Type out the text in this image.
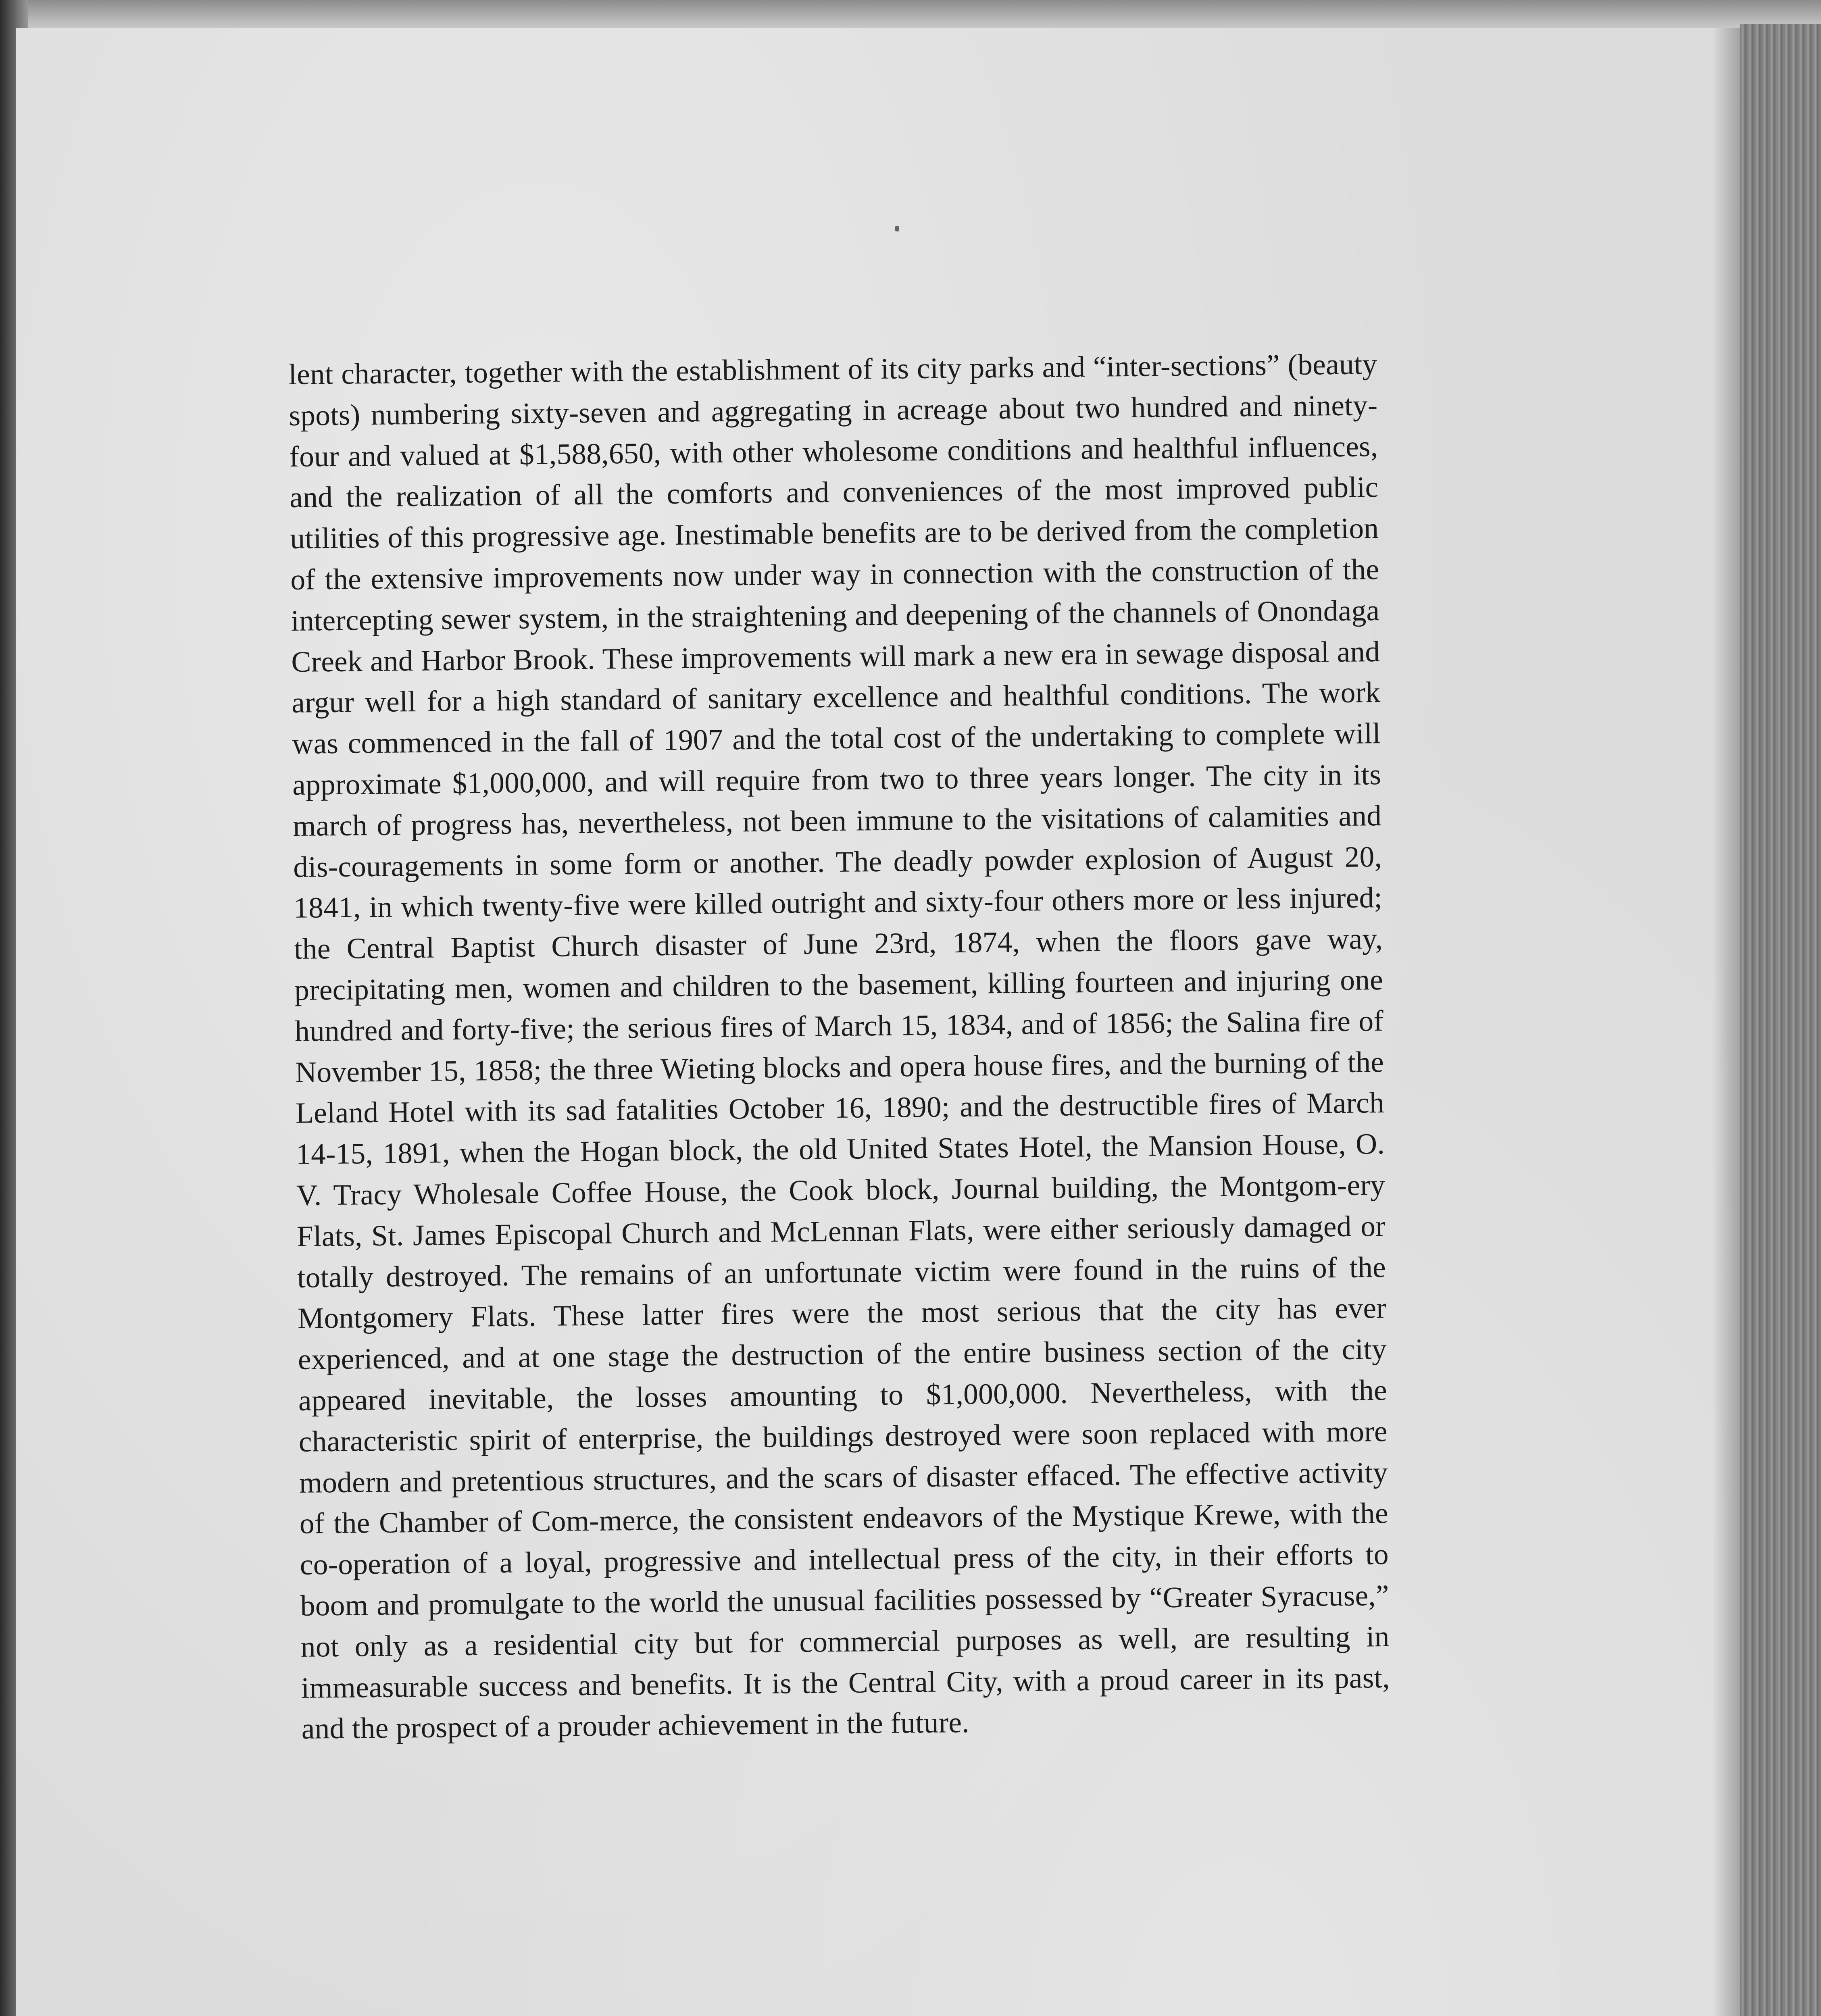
lent character, together with the establishment of its city parks and “inter-sections” (beauty spots) numbering sixty-seven and aggregating in acreage about two hundred and ninety-four and valued at $1,588,650, with other wholesome conditions and healthful influences, and the realization of all the comforts and conveniences of the most improved public utilities of this progressive age. Inestimable benefits are to be derived from the completion of the extensive improvements now under way in connection with the construction of the intercepting sewer system, in the straightening and deepening of the channels of Onondaga Creek and Harbor Brook. These improvements will mark a new era in sewage disposal and argur well for a high standard of sanitary excellence and healthful conditions. The work was commenced in the fall of 1907 and the total cost of the undertaking to complete will approximate $1,000,000, and will require from two to three years longer. The city in its march of progress has, nevertheless, not been immune to the visitations of calamities and dis-couragements in some form or another. The deadly powder explosion of August 20, 1841, in which twenty-five were killed outright and sixty-four others more or less injured; the Central Baptist Church disaster of June 23rd, 1874, when the floors gave way, precipitating men, women and children to the basement, killing fourteen and injuring one hundred and forty-five; the serious fires of March 15, 1834, and of 1856; the Salina fire of November 15, 1858; the three Wieting blocks and opera house fires, and the burning of the Leland Hotel with its sad fatalities October 16, 1890; and the destructible fires of March 14-15, 1891, when the Hogan block, the old United States Hotel, the Mansion House, O. V. Tracy Wholesale Coffee House, the Cook block, Journal building, the Montgom-ery Flats, St. James Episcopal Church and McLennan Flats, were either seriously damaged or totally destroyed. The remains of an unfortunate victim were found in the ruins of the Montgomery Flats. These latter fires were the most serious that the city has ever experienced, and at one stage the destruction of the entire business section of the city appeared inevitable, the losses amounting to $1,000,000. Nevertheless, with the characteristic spirit of enterprise, the buildings destroyed were soon replaced with more modern and pretentious structures, and the scars of disaster effaced. The effective activity of the Chamber of Com-merce, the consistent endeavors of the Mystique Krewe, with the co-operation of a loyal, progressive and intellectual press of the city, in their efforts to boom and promulgate to the world the unusual facilities possessed by “Greater Syracuse,” not only as a residential city but for commercial purposes as well, are resulting in immeasurable success and benefits. It is the Central City, with a proud career in its past, and the prospect of a prouder achievement in the future.
